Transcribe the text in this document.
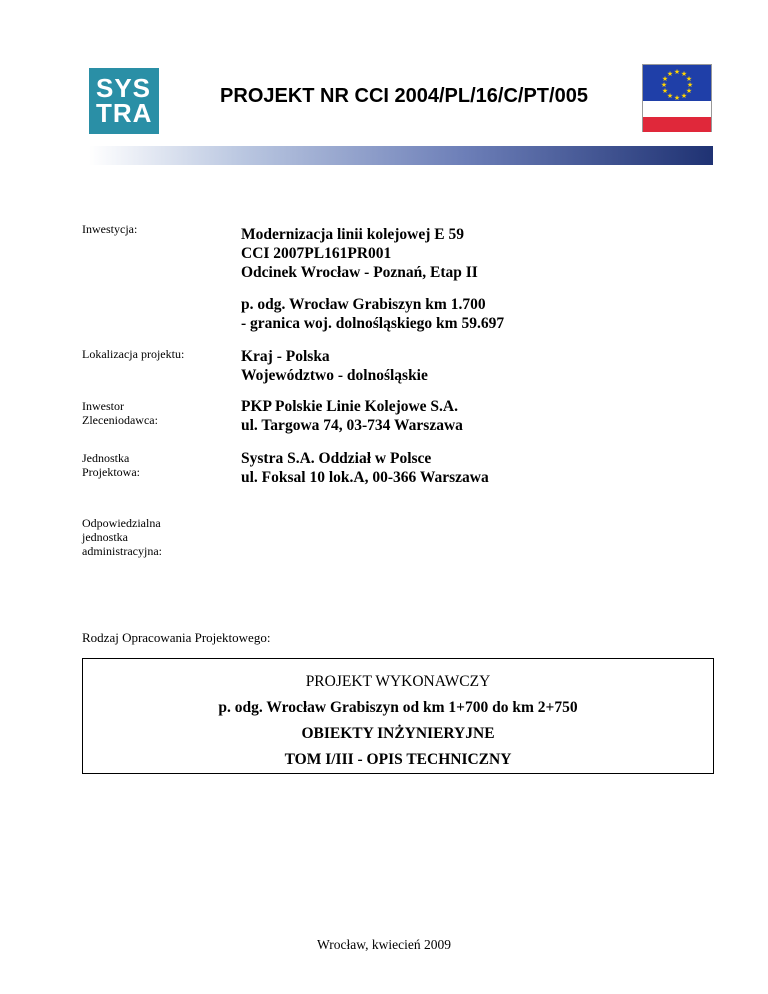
SYS
TRA
PROJEKT NR CCI 2004/PL/16/C/PT/005
★ ★
★
★
★
★
★
★
★
★
★
★
Inwestycja:	Modernizacja linii kolejowej E 59
CCI 2007PL161PR001
Odcinek Wrocław - Poznań, Etap II
p. odg. Wrocław Grabiszyn km 1.700
- granica woj. dolnośląskiego km 59.697
Lokalizacja projektu:	Kraj - Polska
Województwo - dolnośląskie
Inwestor
Zleceniodawca:
PKP Polskie Linie Kolejowe S.A.
ul. Targowa 74, 03-734 Warszawa
Jednostka
Projektowa:
Systra S.A. Oddział w Polsce
ul. Foksal 10 lok.A, 00-366 Warszawa
Odpowiedzialna
jednostka
administracyjna:
Rodzaj Opracowania Projektowego:
PROJEKT WYKONAWCZY
p. odg. Wrocław Grabiszyn od km 1+700 do km 2+750
OBIEKTY INŻYNIERYJNE
TOM I/III - OPIS TECHNICZNY
Wrocław, kwiecień 2009
